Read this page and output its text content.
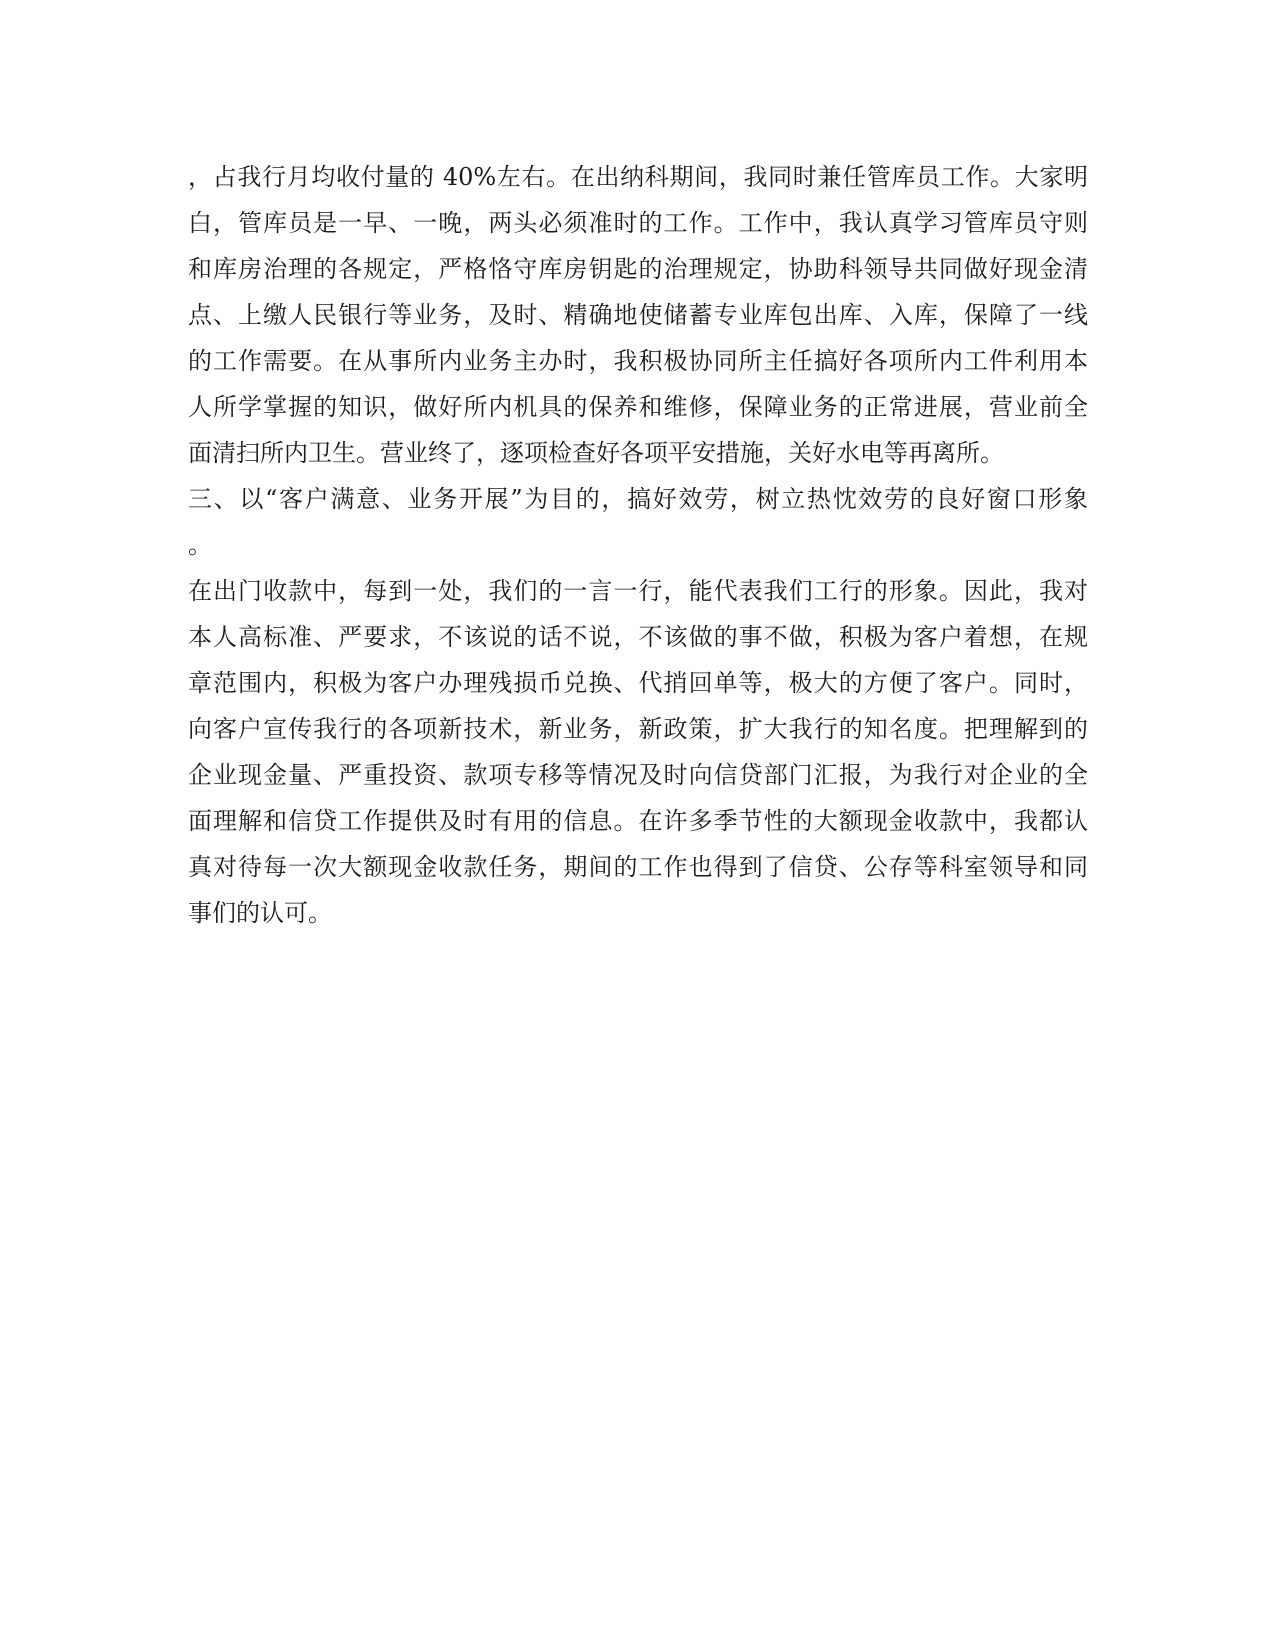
，占我行月均收付量的 40%左右。在出纳科期间，我同时兼任管库员工作。大家明
白，管库员是一早、一晚，两头必须准时的工作。工作中，我认真学习管库员守则
和库房治理的各规定，严格恪守库房钥匙的治理规定，协助科领导共同做好现金清
点、上缴人民银行等业务，及时、精确地使储蓄专业库包出库、入库，保障了一线
的工作需要。在从事所内业务主办时，我积极协同所主任搞好各项所内工件利用本
人所学掌握的知识，做好所内机具的保养和维修，保障业务的正常进展，营业前全
面清扫所内卫生。营业终了，逐项检查好各项平安措施，关好水电等再离所。
三、以“客户满意、业务开展”为目的，搞好效劳，树立热忱效劳的良好窗口形象
。
在出门收款中，每到一处，我们的一言一行，能代表我们工行的形象。因此，我对
本人高标准、严要求，不该说的话不说，不该做的事不做，积极为客户着想，在规
章范围内，积极为客户办理残损币兑换、代捎回单等，极大的方便了客户。同时，
向客户宣传我行的各项新技术，新业务，新政策，扩大我行的知名度。把理解到的
企业现金量、严重投资、款项专移等情况及时向信贷部门汇报，为我行对企业的全
面理解和信贷工作提供及时有用的信息。在许多季节性的大额现金收款中，我都认
真对待每一次大额现金收款任务，期间的工作也得到了信贷、公存等科室领导和同
事们的认可。
